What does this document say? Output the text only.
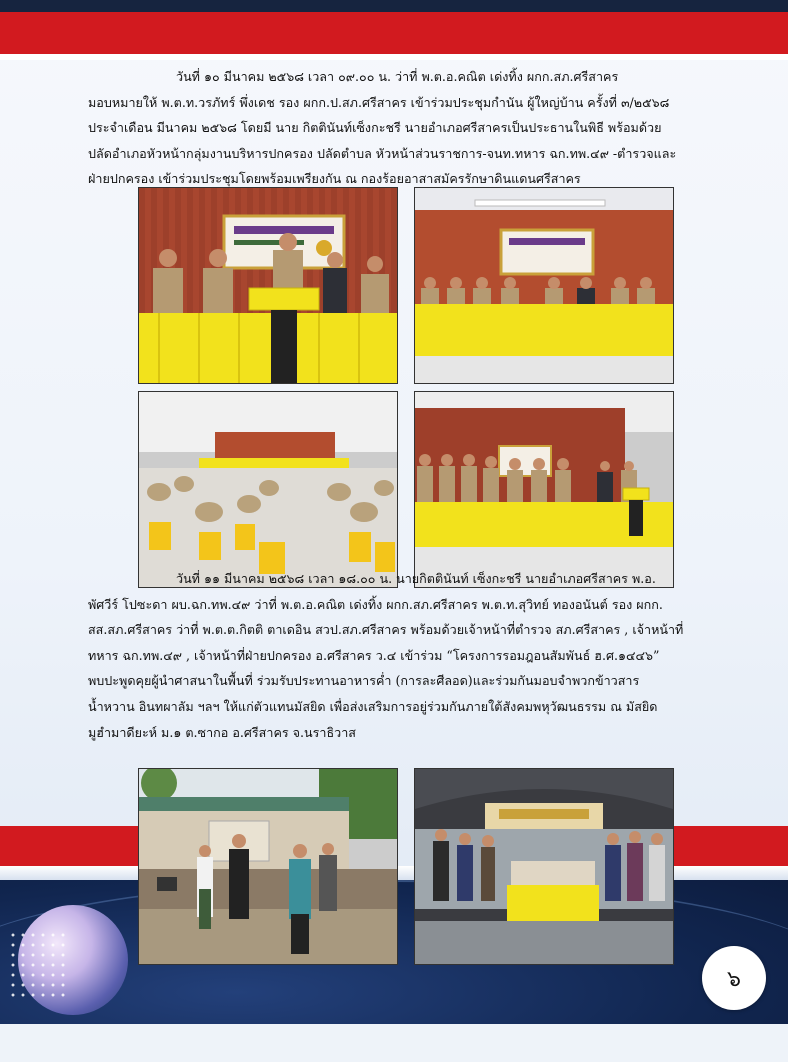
วันที่ ๑๐ มีนาคม ๒๕๖๘ เวลา ๐๙.๐๐ น. ว่าที่ พ.ต.อ.คณิต เด่งทิ้ง ผกก.สภ.ศรีสาคร
มอบหมายให้ พ.ต.ท.วรภัทร์ พึ่งเดช รอง ผกก.ป.สภ.ศรีสาคร เข้าร่วมประชุมกำนัน ผู้ใหญ่บ้าน ครั้งที่ ๓/๒๕๖๘
ประจำเดือน มีนาคม ๒๕๖๘ โดยมี นาย กิตตินันท์เซ็งกะชรี นายอำเภอศรีสาครเป็นประธานในพิธี พร้อมด้วย
ปลัดอำเภอหัวหน้ากลุ่มงานบริหารปกครอง ปลัดตำบล หัวหน้าส่วนราชการ-จนท.ทหาร ฉก.ทพ.๔๙ -ตำรวจและ
ฝ่ายปกครอง เข้าร่วมประชุมโดยพร้อมเพรียงกัน ณ กองร้อยอาสาสมัครรักษาดินแดนศรีสาคร

วันที่ ๑๑ มีนาคม ๒๕๖๘ เวลา ๑๘.๐๐ น. นายกิตตินันท์ เซ็งกะชรี นายอำเภอศรีสาคร พ.อ.
พัศวีร์ โปซะดา ผบ.ฉก.ทพ.๔๙ ว่าที่ พ.ต.อ.คณิต เด่งทิ้ง ผกก.สภ.ศรีสาคร พ.ต.ท.สุวิทย์ ทองอนันต์ รอง ผกก.
สส.สภ.ศรีสาคร ว่าที่ พ.ต.ต.กิตติ ตาเดอิน สวป.สภ.ศรีสาคร พร้อมด้วยเจ้าหน้าที่ตำรวจ สภ.ศรีสาคร , เจ้าหน้าที่
ทหาร ฉก.ทพ.๔๙ , เจ้าหน้าที่ฝ่ายปกครอง อ.ศรีสาคร ว.๔ เข้าร่วม “โครงการรอมฎอนสัมพันธ์ ฮ.ศ.๑๔๔๖”
พบปะพูดคุยผู้นำศาสนาในพื้นที่ ร่วมรับประทานอาหารค่ำ (การละศีลอด)และร่วมกันมอบจำพวกข้าวสาร
น้ำหวาน อินทผาลัม ฯลฯ ให้แก่ตัวแทนมัสยิด เพื่อส่งเสริมการอยู่ร่วมกันภายใต้สังคมพหุวัฒนธรรม ณ มัสยิด
มูฮำมาดียะห์ ม.๑ ต.ซากอ อ.ศรีสาคร จ.นราธิวาส

๖
